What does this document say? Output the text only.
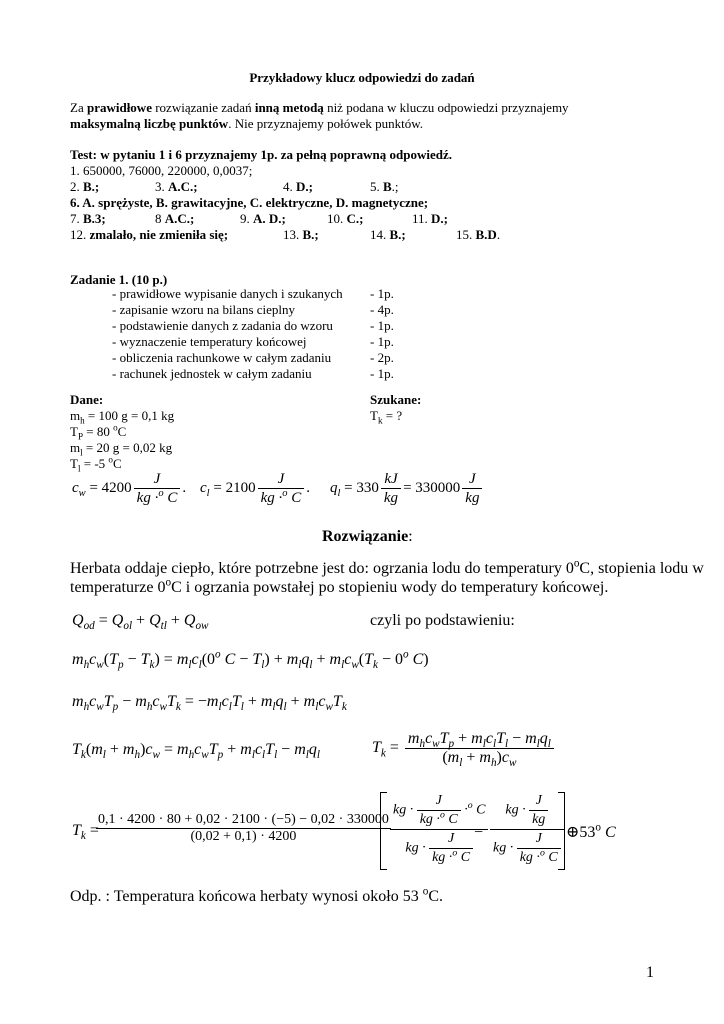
Przykładowy klucz odpowiedzi do zadań
Za prawidłowe rozwiązanie zadań inną metodą niż podana w kluczu odpowiedzi przyznajemy
maksymalną liczbę punktów. Nie przyznajemy połówek punktów.
Test: w pytaniu 1 i 6 przyznajemy 1p. za pełną poprawną odpowiedź.
1. 650000, 76000, 220000, 0,0037;
2. B.;	3. A.C.;	4. D.;	5. B.;
6. A. sprężyste, B. grawitacyjne, C. elektryczne, D. magnetyczne;
7. B.3;	8 A.C.;	9. A. D.;	10. C.;	11. D.;
12. zmalało, nie zmieniła się;	13. B.;	14. B.;	15. B.D.
Zadanie 1. (10 p.)
- prawidłowe wypisanie danych i szukanych - 1p.
- zapisanie wzoru na bilans cieplny	- 4p.
- podstawienie danych z zadania do wzoru	- 1p.
- wyznaczenie temperatury końcowej	- 1p.
- obliczenia rachunkowe w całym zadaniu	- 2p.
- rachunek jednostek w całym zadaniu	- 1p.
Dane:	Szukane:
$m_h = 100$ g = 0,1 kg	$T_k$ = ?
$T_P = 80$ $^o$C
$m_l = 20$ g = 0,02 kg
$T_l = -5$ $^o$C
$c_w = 4200 \frac{J}{kg \cdot^o C}$ . $c_l = 2100 \frac{J}{kg \cdot^o C}$ . $q_l = 330 \frac{kJ}{kg} = 330000 \frac{J}{kg}$
Rozwiązanie:
Herbata oddaje ciepło, które potrzebne jest do: ogrzania lodu do temperatury 0$^o$C, stopienia lodu w
temperaturze 0$^o$C i ogrzania powstałej po stopieniu wody do temperatury końcowej.
$Q_{od} = Q_{ol} + Q_{tl} + Q_{ow}$	czyli po podstawieniu:
$m_hc_w(T_p - T_k) = m_lc_l(0^o$ $C - T_l) + m_lq_l + m_lc_w(T_k - 0^o$ C)
$m_hc_wT_p - m_hc_wT_k = -m_lc_lT_l + m_lq_l + m_lc_wT_k$
$T_k(m_l + m_h)c_w = m_hc_wT_p + m_lc_lT_l - m_lq_l$	$T_k = \frac{m_hc_wT_p + m_lc_lT_l - m_lq_l}{(m_l + m_h)c_w}$
$T_k$ =
$\frac{0,1 \cdot 4200 \cdot 80 + 0,02 \cdot 2100 \cdot (-5) - 0,02 \cdot 330000}{(0,02 + 0,1) \cdot 4200} \frac{kg \cdot \frac{J}{kg \cdot^o C} \cdot^o C}{kg \cdot \frac{J}{kg \cdot^o C}}$
− $\frac{kg \cdot \frac{J}{kg}}{kg \cdot \frac{J}{kg \cdot^o C}}$ ⊕53$^o$ C
Odp. : Temperatura końcowa herbaty wynosi około 53 $^o$C.
1
